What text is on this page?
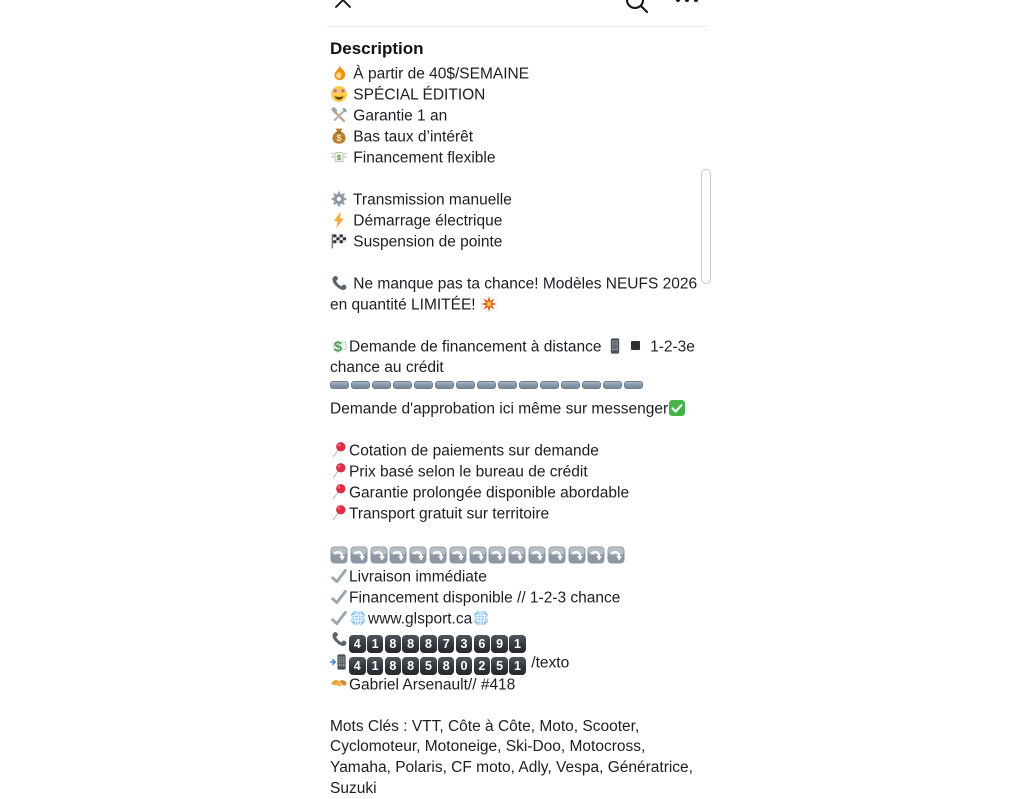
Description
À partir de 40$/SEMAINE
SPÉCIAL ÉDITION
Garantie 1 an
$ Bas taux d’intérêt
$ Financement flexible
Transmission manuelle
Démarrage électrique
Suspension de pointe
Ne manque pas ta chance! Modèles NEUFS 2026 en quantité LIMITÉE!
$ Demande de financement à distance	1-2-3e chance au crédit
Demande d'approbation ici même sur messenger
Cotation de paiements sur demande
Prix basé selon le bureau de crédit
Garantie prolongée disponible abordable
Transport gratuit sur territoire
Livraison immédiate
Financement disponible // 1-2-3 chance
www.glsport.ca
4 1 8 8 8 7 3 6 9 1
4 1 8 8 5 8 0 2 5 1 /texto
Gabriel Arsenault// #418
Mots Clés : VTT, Côte à Côte, Moto, Scooter, Cyclomoteur, Motoneige, Ski-Doo, Motocross, Yamaha, Polaris, CF moto, Adly, Vespa, Génératrice, Suzuki
